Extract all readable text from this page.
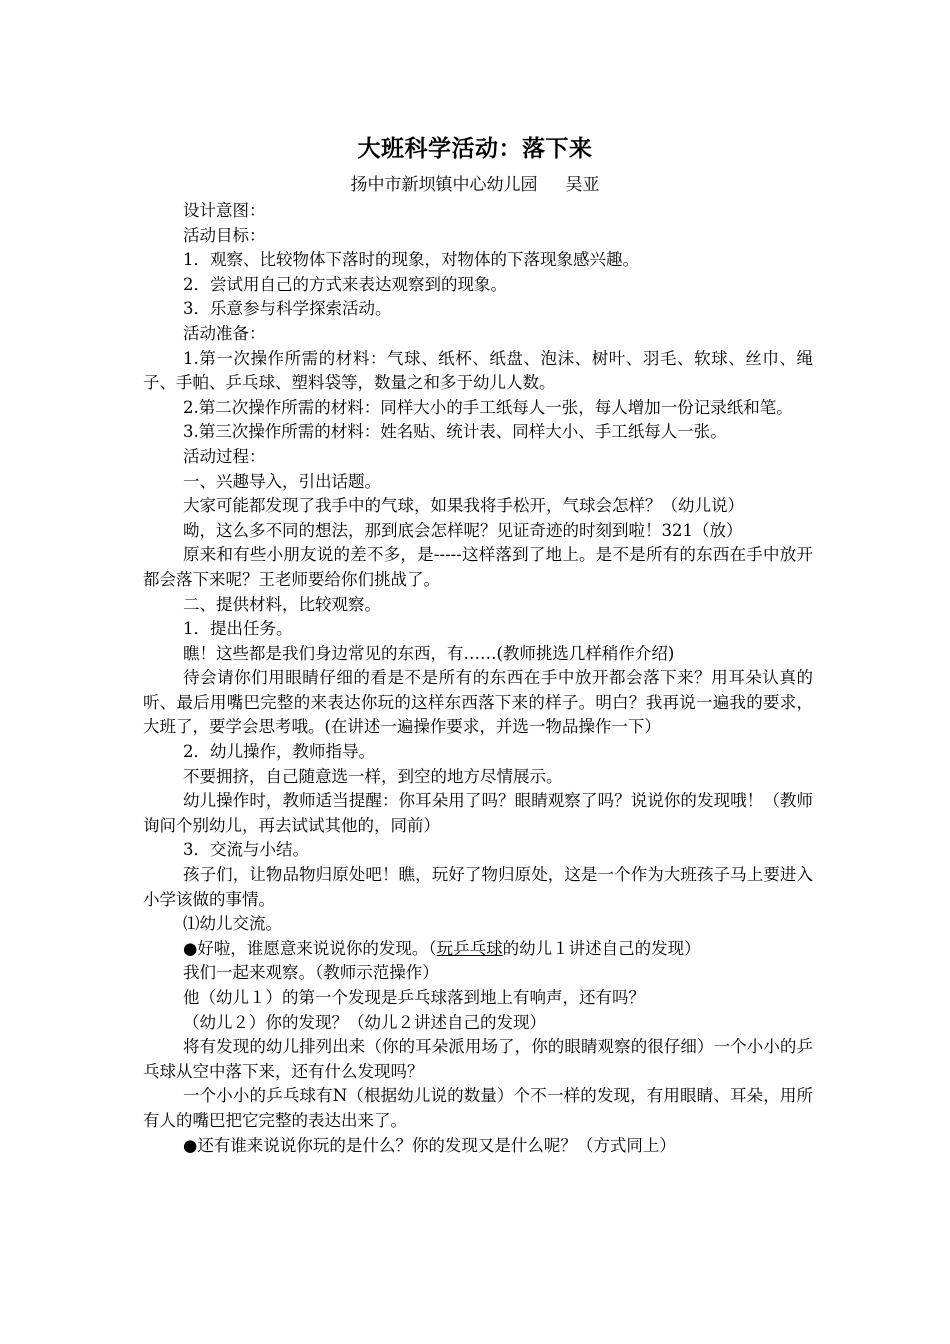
大班科学活动：落下来
扬中市新坝镇中心幼儿园 吴亚

设计意图：

活动目标：

1．观察、比较物体下落时的现象，对物体的下落现象感兴趣。

2．尝试用自己的方式来表达观察到的现象。

3．乐意参与科学探索活动。

活动准备：

1.第一次操作所需的材料：气球、纸杯、纸盘、泡沫、树叶、羽毛、软球、丝巾、绳子、手帕、乒乓球、塑料袋等，数量之和多于幼儿人数。

2.第二次操作所需的材料：同样大小的手工纸每人一张，每人增加一份记录纸和笔。

3.第三次操作所需的材料：姓名贴、统计表、同样大小、手工纸每人一张。

活动过程：

一、兴趣导入，引出话题。

大家可能都发现了我手中的气球，如果我将手松开，气球会怎样？（幼儿说）

呦，这么多不同的想法，那到底会怎样呢？见证奇迹的时刻到啦！321（放）

原来和有些小朋友说的差不多，是-----这样落到了地上。是不是所有的东西在手中放开都会落下来呢？王老师要给你们挑战了。

二、提供材料，比较观察。

1．提出任务。

瞧！这些都是我们身边常见的东西，有……(教师挑选几样稍作介绍)

待会请你们用眼睛仔细的看是不是所有的东西在手中放开都会落下来？用耳朵认真的听、最后用嘴巴完整的来表达你玩的这样东西落下来的样子。明白？我再说一遍我的要求，大班了，要学会思考哦。(在讲述一遍操作要求，并选一物品操作一下）

2．幼儿操作，教师指导。

不要拥挤，自己随意选一样，到空的地方尽情展示。

幼儿操作时，教师适当提醒：你耳朵用了吗？眼睛观察了吗？说说你的发现哦！（教师询问个别幼儿，再去试试其他的，同前）

3．交流与小结。

孩子们，让物品物归原处吧！瞧，玩好了物归原处，这是一个作为大班孩子马上要进入小学该做的事情。

⑴幼儿交流。

●好啦，谁愿意来说说你的发现。（玩乒乓球的幼儿１讲述自己的发现）

我们一起来观察。（教师示范操作）

他（幼儿１）的第一个发现是乒乓球落到地上有响声，还有吗？

（幼儿２）你的发现？（幼儿２讲述自己的发现）

将有发现的幼儿排列出来（你的耳朵派用场了，你的眼睛观察的很仔细）一个小小的乒乓球从空中落下来，还有什么发现吗？

一个小小的乒乓球有N（根据幼儿说的数量）个不一样的发现，有用眼睛、耳朵，用所有人的嘴巴把它完整的表达出来了。

●还有谁来说说你玩的是什么？你的发现又是什么呢？（方式同上）
